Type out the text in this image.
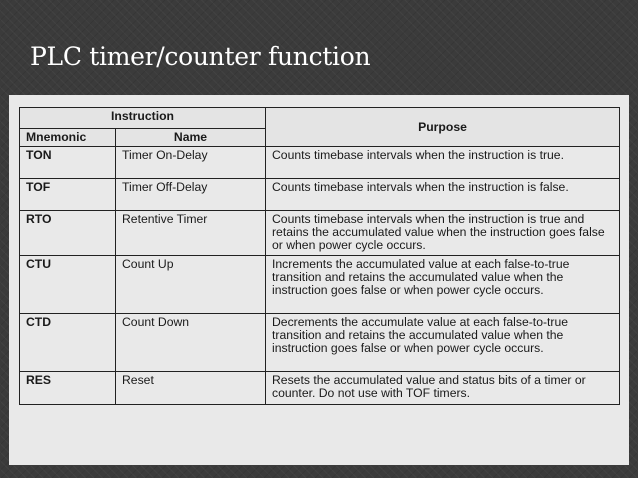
PLC timer/counter function
Instruction		Purpose
Mnemonic	Name	
TON	Timer On-Delay	Counts timebase intervals when the instruction is true.
TOF	Timer Off-Delay	Counts timebase intervals when the instruction is false.
RTO	Retentive Timer	Counts timebase intervals when the instruction is true and retains the accumulated value when the instruction goes false or when power cycle occurs.
CTU	Count Up	Increments the accumulated value at each false-to-true transition and retains the accumulated value when the instruction goes false or when power cycle occurs.
CTD	Count Down	Decrements the accumulate value at each false-to-true transition and retains the accumulated value when the instruction goes false or when power cycle occurs.
RES	Reset	Resets the accumulated value and status bits of a timer or counter. Do not use with TOF timers.
